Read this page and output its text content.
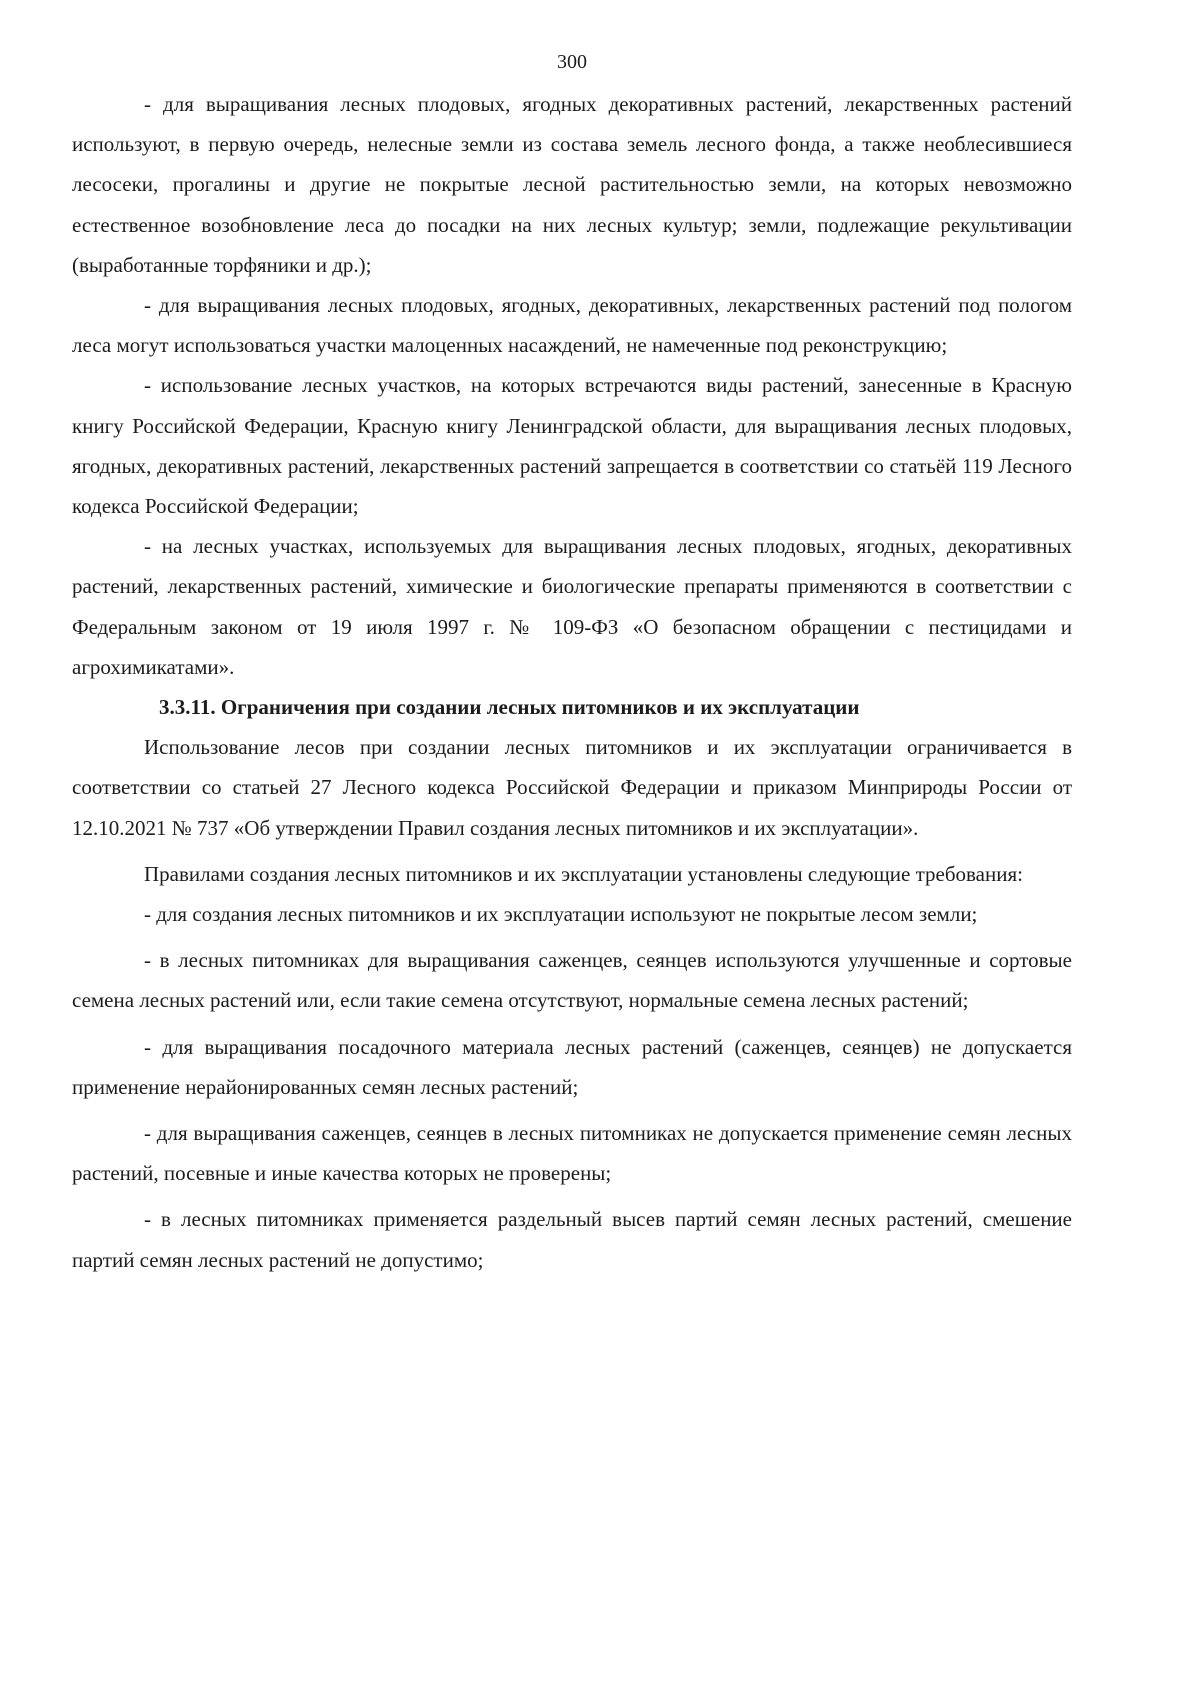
300

- для выращивания лесных плодовых, ягодных декоративных растений, лекарственных растений используют, в первую очередь, нелесные земли из состава земель лесного фонда, а также необлесившиеся лесосеки, прогалины и другие не покрытые лесной растительностью земли, на которых невозможно естественное возобновление леса до посадки на них лесных культур; земли, подлежащие рекультивации (выработанные торфяники и др.);

- для выращивания лесных плодовых, ягодных, декоративных, лекарственных растений под пологом леса могут использоваться участки малоценных насаждений, не намеченные под реконструкцию;

- использование лесных участков, на которых встречаются виды растений, занесенные в Красную книгу Российской Федерации, Красную книгу Ленинградской области, для выращивания лесных плодовых, ягодных, декоративных растений, лекарственных растений запрещается в соответствии со статьёй 119 Лесного кодекса Российской Федерации;

- на лесных участках, используемых для выращивания лесных плодовых, ягодных, декоративных растений, лекарственных растений, химические и биологические препараты применяются в соответствии с Федеральным законом от 19 июля 1997 г. № 109-ФЗ «О безопасном обращении с пестицидами и агрохимикатами».

3.3.11. Ограничения при создании лесных питомников и их эксплуатации

Использование лесов при создании лесных питомников и их эксплуатации ограничивается в соответствии со статьей 27 Лесного кодекса Российской Федерации и приказом Минприроды России от 12.10.2021 № 737 «Об утверждении Правил создания лесных питомников и их эксплуатации».

Правилами создания лесных питомников и их эксплуатации установлены следующие требования:

- для создания лесных питомников и их эксплуатации используют не покрытые лесом земли;

- в лесных питомниках для выращивания саженцев, сеянцев используются улучшенные и сортовые семена лесных растений или, если такие семена отсутствуют, нормальные семена лесных растений;

- для выращивания посадочного материала лесных растений (саженцев, сеянцев) не допускается применение нерайонированных семян лесных растений;

- для выращивания саженцев, сеянцев в лесных питомниках не допускается применение семян лесных растений, посевные и иные качества которых не проверены;

- в лесных питомниках применяется раздельный высев партий семян лесных растений, смешение партий семян лесных растений не допустимо;
